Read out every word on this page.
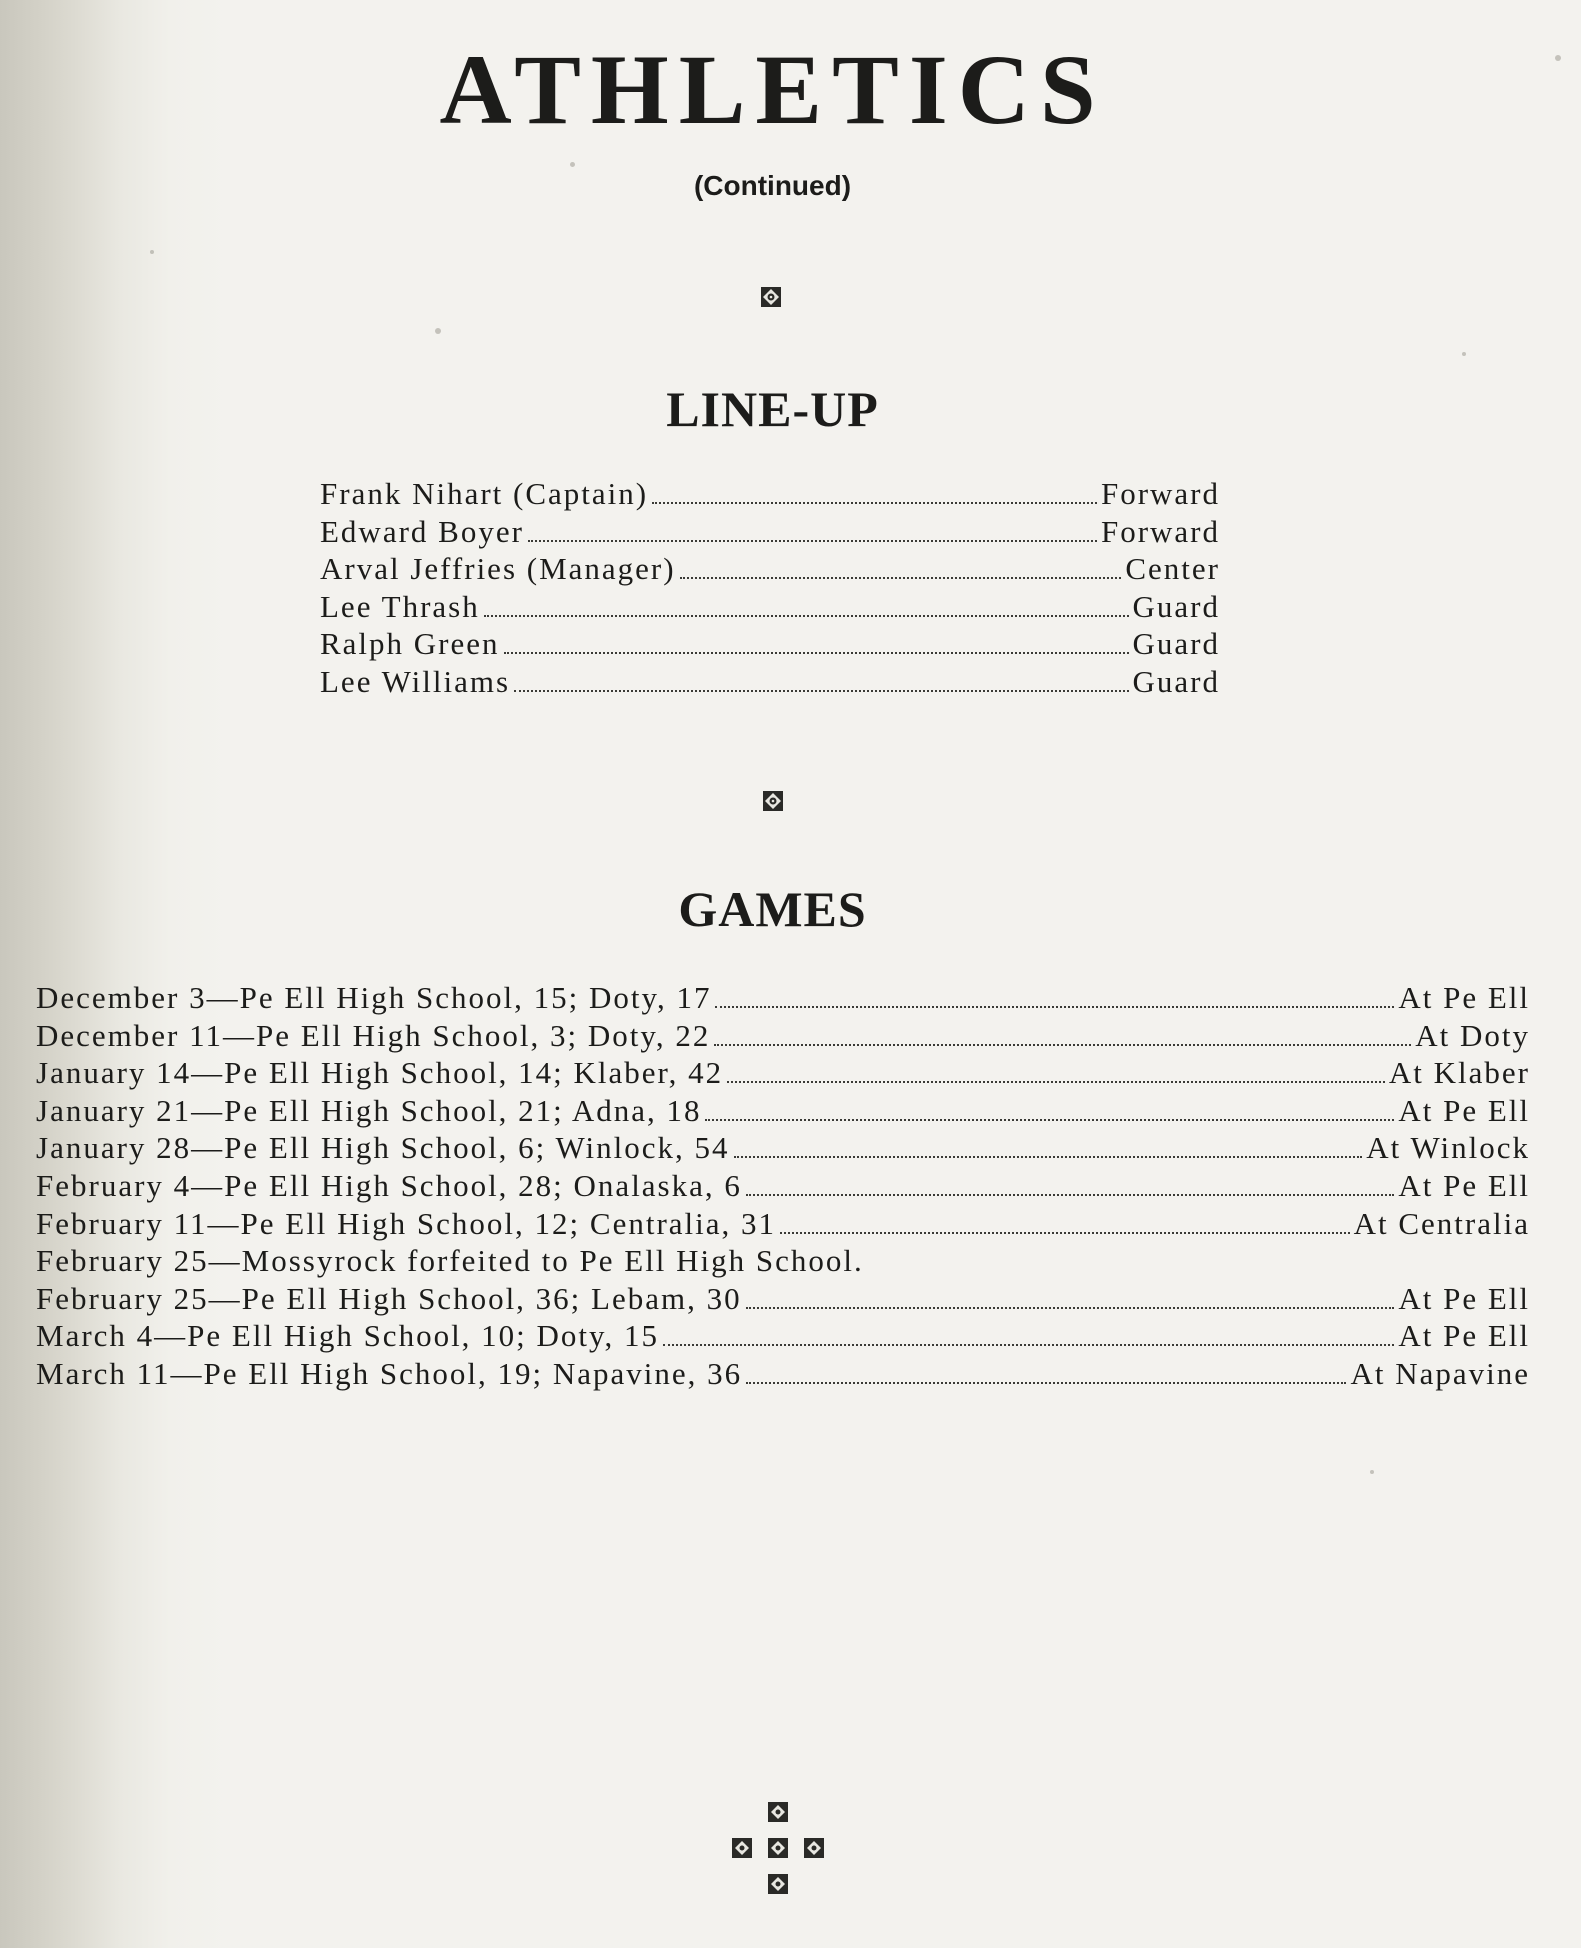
ATHLETICS
(Continued)
LINE-UP
Frank Nihart (Captain)	Forward
Edward Boyer	Forward
Arval Jeffries (Manager)	Center
Lee Thrash	Guard
Ralph Green	Guard
Lee Williams	Guard
GAMES
December 3—Pe Ell High School, 15; Doty, 17	At Pe Ell
December 11—Pe Ell High School, 3; Doty, 22	At Doty
January 14—Pe Ell High School, 14; Klaber, 42	At Klaber
January 21—Pe Ell High School, 21; Adna, 18	At Pe Ell
January 28—Pe Ell High School, 6; Winlock, 54	At Winlock
February 4—Pe Ell High School, 28; Onalaska, 6	At Pe Ell
February 11—Pe Ell High School, 12; Centralia, 31	At Centralia
February 25—Mossyrock forfeited to Pe Ell High School.
February 25—Pe Ell High School, 36; Lebam, 30	At Pe Ell
March 4—Pe Ell High School, 10; Doty, 15	At Pe Ell
March 11—Pe Ell High School, 19; Napavine, 36	At Napavine
